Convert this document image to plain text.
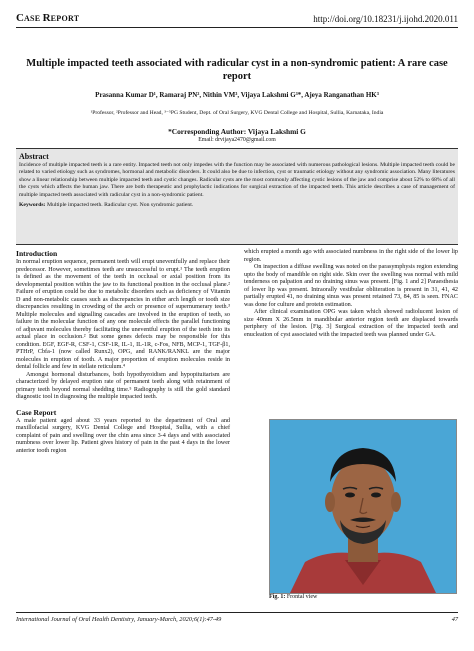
CASE REPORT	http://doi.org/10.18231/j.ijohd.2020.011
Multiple impacted teeth associated with radicular cyst in a non-syndromic patient: A rare case report
Prasanna Kumar D¹, Ramaraj PN², Nithin VM³, Vijaya Lakshmi G³*, Ajeya Ranganathan HK³
¹Professor, ²Professor and Head, ³⁻⁵PG Student, Dept. of Oral Surgery, KVG Dental College and Hospital, Sullia, Karnataka, India
*Corresponding Author: Vijaya Lakshmi G
Email: drvijaya2470@gmail.com
Abstract
Incidence of multiple impacted teeth is a rare entity. Impacted teeth not only impedes with the function may be associated with numerous pathological lesions. Multiple impacted teeth could be related to varied etiology such as syndromes, hormonal and metabolic disorders. It could also be due to infection, cyst or traumatic etiology without any syndromic association. Many literatures show a linear relationship between multiple impacted teeth and cystic changes. Radicular cysts are the most commonly affecting cystic lesions of the jaw and comprise about 52% to 68% of all the cysts which affects the human jaw. There are both therapeutic and prophylactic indications for surgical extraction of the impacted teeth. This article describes a case of management of multiple impacted teeth associated with radicular cyst in a non-syndromic patient.
Keywords: Multiple impacted teeth. Radicular cyst. Non syndromic patient.
Introduction

In normal eruption sequence, permanent teeth will erupt uneventfully and replace their predecessor. However, sometimes teeth are unsuccessful to erupt.¹ The teeth eruption is defined as the movement of the teeth in occlusal or axial position from its developmental position within the jaw to its functional position in the occlusal plane.² Failure of eruption could be due to metabolic disorders such as deficiency of Vitamin D and non-metabolic causes such as discrepancies in either arch length or tooth size discrepancies resulting in crowding of the arch or presence of supernumerary teeth.³ Multiple molecules and signalling cascades are involved in the eruption of teeth, so failure in the molecular function of any one molecule effects the parallel functioning of adjuvant molecules thereby facilitating the uneventful eruption of the teeth into its actual place in occlusion.² But some genes defects may be responsible for this condition. EGF, EGF-R, CSF-1, CSF-1R, IL-1, IL-1R, c-Fos, NFB, MCP-1, TGF-β1, PTHrP, Cbfa-1 (now called Runx2), OPG, and RANK/RANKL are the major molecules in eruption of tooth. A major proportion of eruption molecules reside in dental follicle and few in stellate reticulum.⁴

Amongst hormonal disturbances, both hypothyroidism and hypopituitarism are characterized by delayed eruption rate of permanent teeth along with retainment of primary teeth beyond normal shedding time.⁵ Radiography is still the gold standard diagnostic tool in diagnosing the multiple impacted teeth.

Case Report

A male patient aged about 33 years reported to the department of Oral and maxillofacial surgery, KVG Dental College and Hospital, Sullia, with a chief complaint of pain and swelling over the chin area since 3-4 days and with associated numbness over lower lip. Patient gives history of pain in the past 4 days in the lower anterior tooth region

which erupted a month ago with associated numbness in the right side of the lower lip region.

On inspection a diffuse swelling was noted on the parasymphysis region extending upto the body of mandible on right side. Skin over the swelling was normal with mild tenderness on palpation and no draining sinus was present. [Fig. 1 and 2] Paraesthesia of lower lip was present. Intraorally vestibular obliteration is present in 31, 41, 42 partially erupted 41, no draining sinus was present retained 73, 84, 85 is seen. FNAC was done for culture and protein estimation.

After clinical examination OPG was taken which showed radiolucent lesion of size 40mm X 26.5mm in mandibular anterior region teeth are displaced towards periphery of the lesion. [Fig. 3] Surgical extraction of the impacted teeth and enucleation of cyst associated with the impacted teeth was planned under GA.

Fig. 1: Frontal view
International Journal of Oral Health Dentistry, January-March, 2020;6(1):47-49	47
